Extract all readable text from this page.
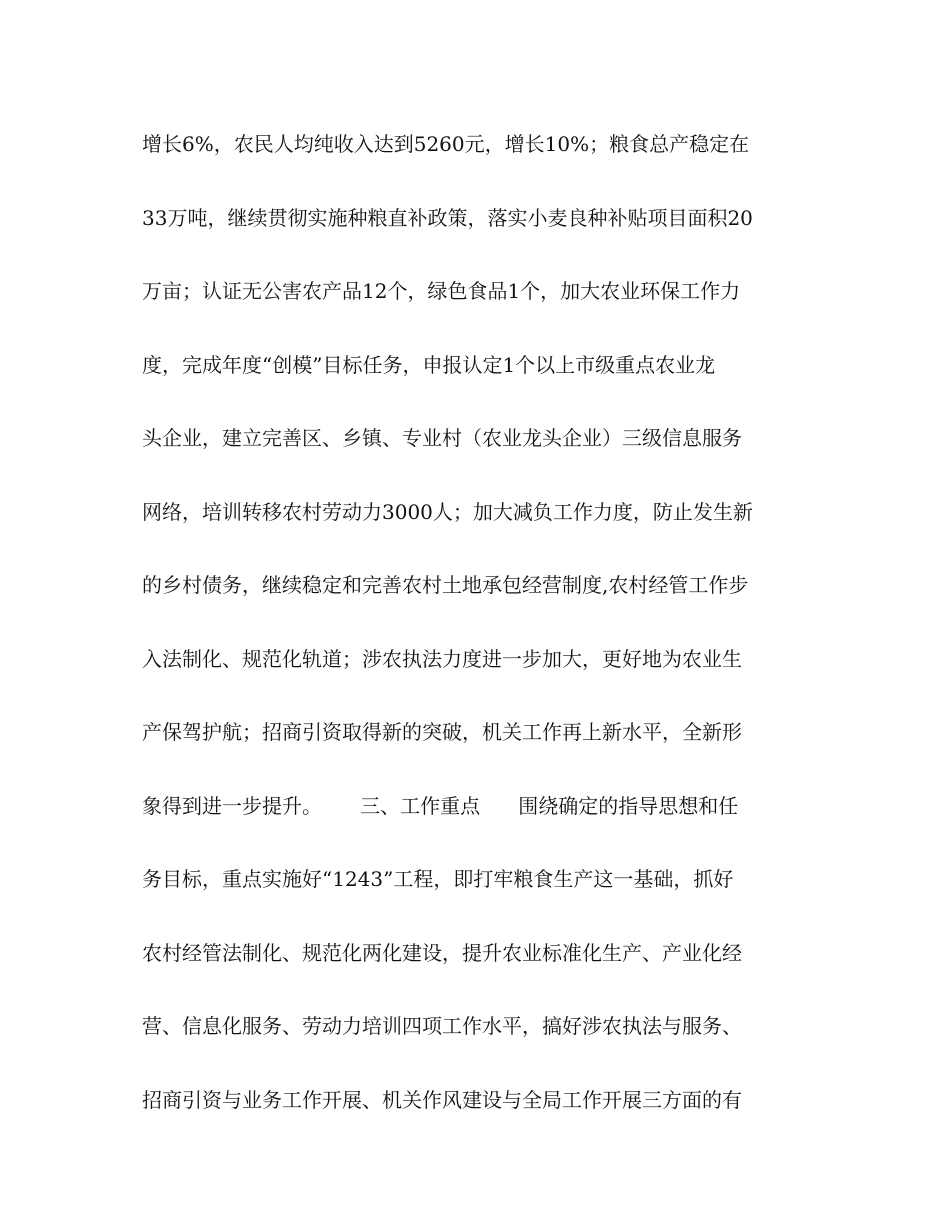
增长6%，农民人均纯收入达到5260元，增长10%；粮食总产稳定在
33万吨，继续贯彻实施种粮直补政策，落实小麦良种补贴项目面积20
万亩；认证无公害农产品12个，绿色食品1个，加大农业环保工作力
度，完成年度“创模”目标任务，申报认定1个以上市级重点农业龙
头企业，建立完善区、乡镇、专业村（农业龙头企业）三级信息服务
网络，培训转移农村劳动力3000人；加大减负工作力度，防止发生新
的乡村债务，继续稳定和完善农村土地承包经营制度,农村经管工作步
入法制化、规范化轨道；涉农执法力度进一步加大，更好地为农业生
产保驾护航；招商引资取得新的突破，机关工作再上新水平，全新形
象得到进一步提升。      三、工作重点      围绕确定的指导思想和任
务目标，重点实施好“1243”工程，即打牢粮食生产这一基础，抓好
农村经管法制化、规范化两化建设，提升农业标准化生产、产业化经
营、信息化服务、劳动力培训四项工作水平，搞好涉农执法与服务、
招商引资与业务工作开展、机关作风建设与全局工作开展三方面的有
